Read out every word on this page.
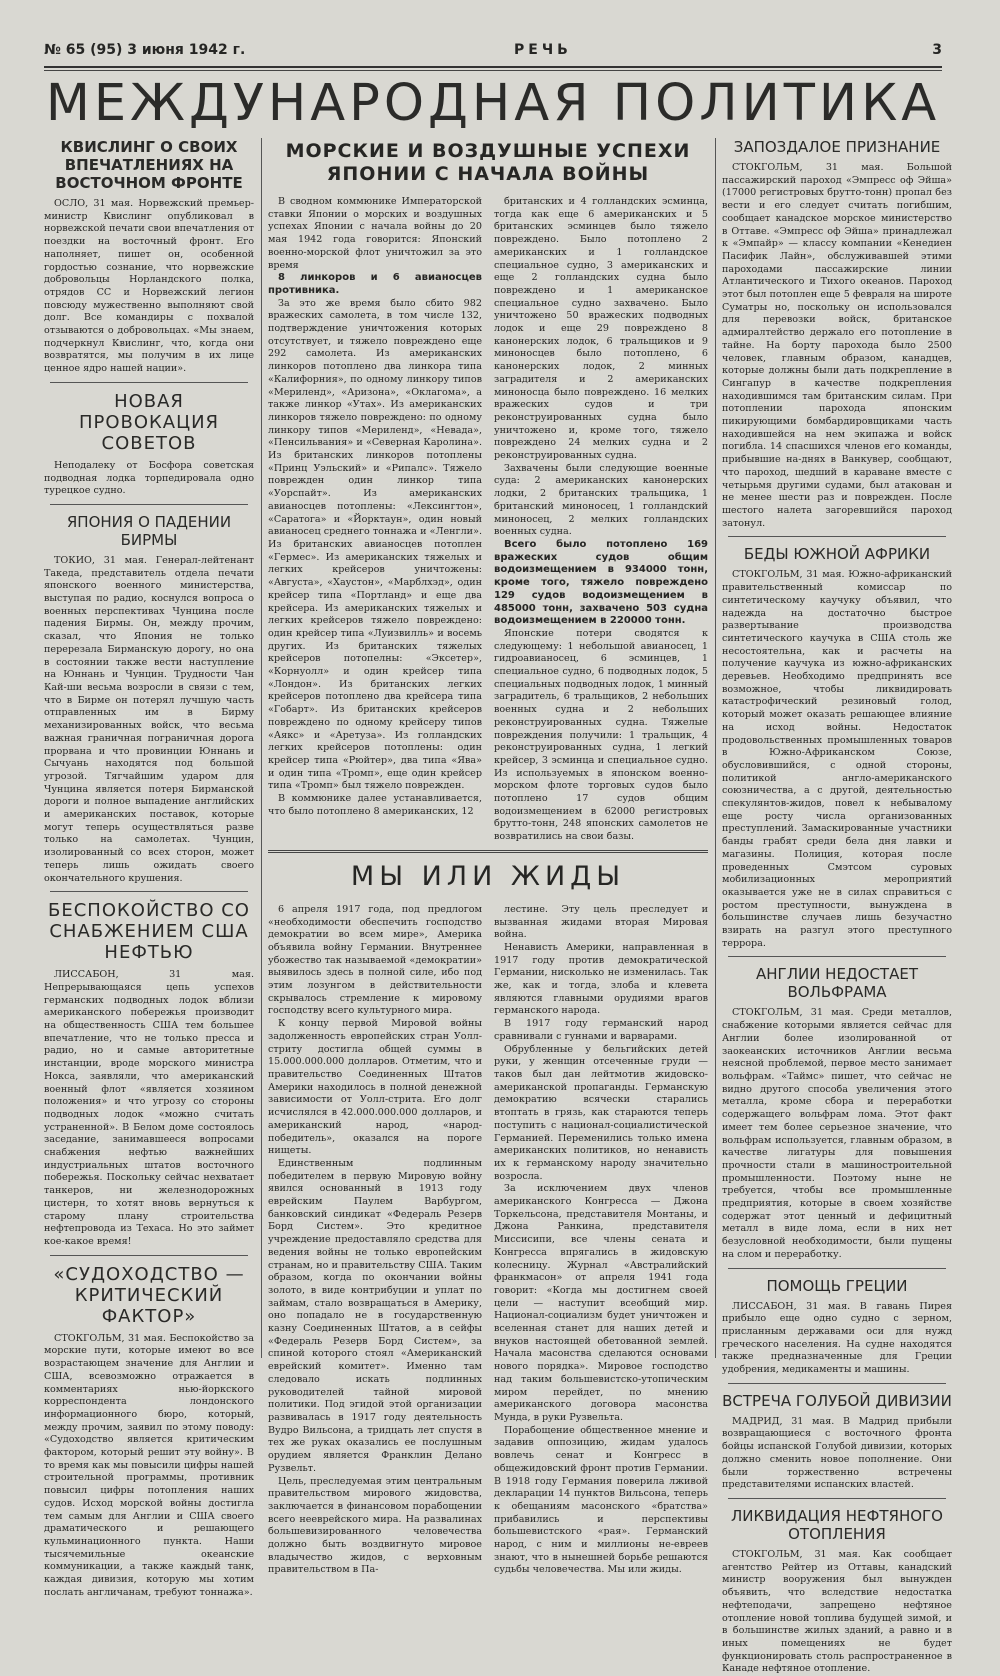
№ 65 (95) 3 июня 1942 г.	РЕЧЬ	3
МЕЖДУНАРОДНАЯ ПОЛИТИКА
КВИСЛИНГ О СВОИХ ВПЕЧАТЛЕНИЯХ НА ВОСТОЧНОМ ФРОНТЕ

ОСЛО, 31 мая. Норвежский премьер-министр Квислинг опубликовал в норвежской печати свои впечатления от поездки на восточный фронт. Его наполняет, пишет он, особенной гордостью сознание, что норвежские добровольцы Норландского полка, отрядов СС и Норвежский легион повсюду мужественно выполняют свой долг. Все командиры с похвалой отзываются о добровольцах. «Мы знаем, подчеркнул Квислинг, что, когда они возвратятся, мы получим в их лице ценное ядро нашей нации».

НОВАЯ ПРОВОКАЦИЯ СОВЕТОВ

Неподалеку от Босфора советская подводная лодка торпедировала одно турецкое судно.

ЯПОНИЯ О ПАДЕНИИ БИРМЫ

ТОКИО, 31 мая. Генерал-лейтенант Такеда, представитель отдела печати японского военного министерства, выступая по радио, коснулся вопроса о военных перспективах Чунцина после падения Бирмы. Он, между прочим, сказал, что Япония не только перерезала Бирманскую дорогу, но она в состоянии также вести наступление на Юннань и Чунцин. Трудности Чан Кай-ши весьма возросли в связи с тем, что в Бирме он потерял лучшую часть отправленных им в Бирму механизированных войск, что весьма важная граничная пограничная дорога прорвана и что провинции Юннань и Сычуань находятся под большой угрозой. Тягчайшим ударом для Чунцина является потеря Бирманской дороги и полное выпадение английских и американских поставок, которые могут теперь осуществляться разве только на самолетах. Чунцин, изолированный со всех сторон, может теперь лишь ожидать своего окончательного крушения.

БЕСПОКОЙСТВО СО СНАБЖЕНИЕМ США НЕФТЬЮ

ЛИССАБОН, 31 мая. Непрерывающаяся цепь успехов германских подводных лодок вблизи американского побережья производит на общественность США тем большее впечатление, что не только пресса и радио, но и самые авторитетные инстанции, вроде морского министра Нокса, заявляли, что американский военный флот «является хозяином положения» и что угрозу со стороны подводных лодок «можно считать устраненной». В Белом доме состоялось заседание, занимавшееся вопросами снабжения нефтью важнейших индустриальных штатов восточного побережья. Поскольку сейчас нехватает танкеров, ни железнодорожных цистерн, то хотят вновь вернуться к старому плану строительства нефтепровода из Техаса. Но это займет кое-какое время!

«СУДОХОДСТВО — КРИТИЧЕСКИЙ ФАКТОР»

СТОКГОЛЬМ, 31 мая. Беспокойство за морские пути, которые имеют во все возрастающем значение для Англии и США, всевозможно отражается в комментариях нью-йоркского корреспондента лондонского информационного бюро, который, между прочим, заявил по этому поводу: «Судоходство является критическим фактором, который решит эту войну». В то время как мы повысили цифры нашей строительной программы, противник повысил цифры потопления наших судов. Исход морской войны достигла тем самым для Англии и США своего драматического и решающего кульминационного пункта. Наши тысячемильные океанские коммуникации, а также каждый танк, каждая дивизия, которую мы хотим послать англичанам, требуют тоннажа».

МОРСКИЕ И ВОЗДУШНЫЕ УСПЕХИ ЯПОНИИ С НАЧАЛА ВОЙНЫ

В сводном коммюнике Императорской ставки Японии о морских и воздушных успехах Японии с начала войны до 20 мая 1942 года говорится: Японский военно-морской флот уничтожил за это время

8 линкоров и 6 авианосцев противника.

За это же время было сбито 982 вражеских самолета, в том числе 132, подтверждение уничтожения которых отсутствует, и тяжело повреждено еще 292 самолета. Из американских линкоров потоплено два линкора типа «Калифорния», по одному линкору типов «Мериленд», «Аризона», «Оклагома», а также линкор «Утах». Из американских линкоров тяжело повреждено: по одному линкору типов «Мериленд», «Невада», «Пенсильвания» и «Северная Каролина». Из британских линкоров потоплены «Принц Уэльский» и «Рипалс». Тяжело поврежден один линкор типа «Уорспайт». Из американских авианосцев потоплены: «Лексингтон», «Саратога» и «Йорктаун», один новый авианосец среднего тоннажа и «Ленгли». Из британских авианосцев потоплен «Гермес». Из американских тяжелых и легких крейсеров уничтожены: «Августа», «Хаустон», «Марблхэд», один крейсер типа «Портланд» и еще два крейсера. Из американских тяжелых и легких крейсеров тяжело повреждено: один крейсер типа «Луизвилль» и восемь других. Из британских тяжелых крейсеров потопелны: «Эксетер», «Корнуолл» и один крейсер типа «Лондон». Из британских легких крейсеров потоплено два крейсера типа «Гобарт». Из британских крейсеров повреждено по одному крейсеру типов «Аякс» и «Аретуза». Из голландских легких крейсеров потоплены: один крейсер типа «Рюйтер», два типа «Ява» и один типа «Тромп», еще один крейсер типа «Тромп» был тяжело поврежден.

В коммюнике далее устанавливается, что было потоплено 8 американских, 12

британских и 4 голландских эсминца, тогда как еще 6 американских и 5 британских эсминцев было тяжело повреждено. Было потоплено 2 американских и 1 голландское специальное судно, 3 американских и еще 2 голландских судна было повреждено и 1 американское специальное судно захвачено. Было уничтожено 50 вражеских подводных лодок и еще 29 повреждено 8 канонерских лодок, 6 тральщиков и 9 миноносцев было потоплено, 6 канонерских лодок, 2 минных заградителя и 2 американских миноносца было повреждено. 16 мелких вражеских судов и три реконструированных судна было уничтожено и, кроме того, тяжело повреждено 24 мелких судна и 2 реконструированных судна.

Захвачены были следующие военные суда: 2 американских канонерских лодки, 2 британских тральщика, 1 британский миноносец, 1 голландский миноносец, 2 мелких голландских военных судна.

Всего было потоплено 169 вражеских судов общим водоизмещением в 934000 тонн, кроме того, тяжело повреждено 129 судов водоизмещением в 485000 тонн, захвачено 503 судна водоизмещением в 220000 тонн.

Японские потери сводятся к следующему: 1 небольшой авианосец, 1 гидроавианосец, 6 эсминцев, 1 специальное судно, 6 подводных лодок, 5 специальных подводных лодок, 1 минный заградитель, 6 тральщиков, 2 небольших военных судна и 2 небольших реконструированных судна. Тяжелые повреждения получили: 1 тральщик, 4 реконструированных судна, 1 легкий крейсер, 3 эсминца и специальное судно. Из используемых в японском военно-морском флоте торговых судов было потоплено 17 судов общим водоизмещением в 62000 регистровых брутто-тонн, 248 японских самолетов не возвратились на свои базы.

МЫ ИЛИ ЖИДЫ

6 апреля 1917 года, под предлогом «необходимости обеспечить господство демократии во всем мире», Америка объявила войну Германии. Внутреннее убожество так называемой «демократии» выявилось здесь в полной силе, ибо под этим лозунгом в действительности скрывалось стремление к мировому господству всего культурного мира.

К концу первой Мировой войны задолженность европейских стран Уолл-стриту достигла общей суммы в 15.000.000.000 долларов. Отметим, что и правительство Соединенных Штатов Америки находилось в полной денежной зависимости от Уолл-стрита. Его долг исчислялся в 42.000.000.000 долларов, и американский народ, «народ-победитель», оказался на пороге нищеты.

Единственным подлинным победителем в первую Мировую войну явился основанный в 1913 году еврейским Паулем Варбургом, банковский синдикат «Федераль Резерв Борд Систем». Это кредитное учреждение предоставляло средства для ведения войны не только европейским странам, но и правительству США. Таким образом, когда по окончании войны золото, в виде контрибуции и уплат по займам, стало возвращаться в Америку, оно попадало не в государственную казну Соединенных Штатов, а в сейфы «Федераль Резерв Борд Систем», за спиной которого стоял «Американский еврейский комитет». Именно там следовало искать подлинных руководителей тайной мировой политики. Под эгидой этой организации развивалась в 1917 году деятельность Вудро Вильсона, а тридцать лет спустя в тех же руках оказались ее послушным орудием является Франклин Делано Рузвельт.

Цель, преследуемая этим центральным правительством мирового жидовства, заключается в финансовом порабощении всего нееврейского мира. На развалинах большевизированного человечества должно быть воздвигнуто мировое владычество жидов, с верховным правительством в Па-

лестине. Эту цель преследует и вызванная жидами вторая Мировая война.

Ненависть Америки, направленная в 1917 году против демократической Германии, нисколько не изменилась. Так же, как и тогда, злоба и клевета являются главными орудиями врагов германского народа.

В 1917 году германский народ сравнивали с гуннами и варварами.

Обрубленные у бельгийских детей руки, у женщин отсеченные груди — таков был дан лейтмотив жидовско-американской пропаганды. Германскую демократию всячески старались втоптать в грязь, как стараются теперь поступить с национал-социалистической Германией. Переменились только имена американских политиков, но ненависть их к германскому народу значительно возросла.

За исключением двух членов американского Конгресса — Джона Торкельсона, представителя Монтаны, и Джона Ранкина, представителя Миссисипи, все члены сената и Конгресса впрягались в жидовскую колесницу. Журнал «Австралийский франкмасон» от апреля 1941 года говорит: «Когда мы достигнем своей цели — наступит всеобщий мир. Национал-социализм будет уничтожен и вселенная станет для наших детей и внуков настоящей обетованной землей. Начала масонства сделаются основами нового порядка». Мировое господство над таким большевистско-утопическим миром перейдет, по мнению американского договора масонства Мунда, в руки Рузвельта.

Порабощение общественное мнение и задавив оппозицию, жидам удалось вовлечь сенат и Конгресс в общежидовский фронт против Германии. В 1918 году Германия поверила лживой декларации 14 пунктов Вильсона, теперь к обещаниям масонского «братства» прибавились и перспективы большевистского «рая». Германский народ, с ним и миллионы не-евреев знают, что в нынешней борьбе решаются судьбы человечества. Мы или жиды.

ЗАПОЗДАЛОЕ ПРИЗНАНИЕ

СТОКГОЛЬМ, 31 мая. Большой пассажирский пароход «Эмпресс оф Эйша» (17000 регистровых брутто-тонн) пропал без вести и его следует считать погибшим, сообщает канадское морское министерство в Оттаве. «Эмпресс оф Эйша» принадлежал к «Эмпайр» — классу компании «Кенедиен Пасифик Лайн», обслуживавшей этими пароходами пассажирские линии Атлантического и Тихого океанов. Пароход этот был потоплен еще 5 февраля на широте Суматры но, поскольку он использовался для перевозки войск, британское адмиралтейство держало его потопление в тайне. На борту парохода было 2500 человек, главным образом, канадцев, которые должны были дать подкрепление в Сингапур в качестве подкрепления находившимся там британским силам. При потоплении парохода японским пикирующими бомбардировщиками часть находившейся на нем экипажа и войск погибла. 14 спасшихся членов его команды, прибывшие на-днях в Ванкувер, сообщают, что пароход, шедший в караване вместе с четырьмя другими судами, был атакован и не менее шести раз и поврежден. После шестого налета загоревшийся пароход затонул.

БЕДЫ ЮЖНОЙ АФРИКИ

СТОКГОЛЬМ, 31 мая. Южно-африканский правительственный комиссар по синтетическому каучуку объявил, что надежда на достаточно быстрое развертывание производства синтетического каучука в США столь же несостоятельна, как и расчеты на получение каучука из южно-африканских деревьев. Необходимо предпринять все возможное, чтобы ликвидировать катастрофический резиновый голод, который может оказать решающее влияние на исход войны. Недостаток продовольственных промышленных товаров в Южно-Африканском Союзе, обусловившийся, с одной стороны, политикой англо-американского союзничества, а с другой, деятельностью спекулянтов-жидов, повел к небывалому еще росту числа организованных преступлений. Замаскированные участники банды грабят среди бела дня лавки и магазины. Полиция, которая после проведенных Смэтсом суровых мобилизационных мероприятий оказывается уже не в силах справиться с ростом преступности, вынуждена в большинстве случаев лишь безучастно взирать на разгул этого преступного террора.

АНГЛИИ НЕДОСТАЕТ ВОЛЬФРАМА

СТОКГОЛЬМ, 31 мая. Среди металлов, снабжение которыми является сейчас для Англии более изолированной от заокеанских источников Англии весьма неясной проблемой, первое место занимает вольфрам. «Таймс» пишет, что сейчас не видно другого способа увеличения этого металла, кроме сбора и переработки содержащего вольфрам лома. Этот факт имеет тем более серьезное значение, что вольфрам используется, главным образом, в качестве лигатуры для повышения прочности стали в машиностроительной промышленности. Поэтому ныне не требуется, чтобы все промышленные предприятия, которые в своем хозяйстве содержат этот ценный и дефицитный металл в виде лома, если в них нет безусловной необходимости, были пущены на слом и переработку.

ПОМОЩЬ ГРЕЦИИ

ЛИССАБОН, 31 мая. В гавань Пирея прибыло еще одно судно с зерном, присланным державами оси для нужд греческого населения. На судне находятся также предназначенные для Греции удобрения, медикаменты и машины.

ВСТРЕЧА ГОЛУБОЙ ДИВИЗИИ

МАДРИД, 31 мая. В Мадрид прибыли возвращающиеся с восточного фронта бойцы испанской Голубой дивизии, которых должно сменить новое пополнение. Они были торжественно встречены представителями испанских властей.

ЛИКВИДАЦИЯ НЕФТЯНОГО ОТОПЛЕНИЯ

СТОКГОЛЬМ, 31 мая. Как сообщает агентство Рейтер из Оттавы, канадский министр вооружения был вынужден объявить, что вследствие недостатка нефтеподачи, запрещено нефтяное отопление новой топлива будущей зимой, и в большинстве жилых зданий, а равно и в иных помещениях не будет функционировать столь распространенное в Канаде нефтяное отопление.
